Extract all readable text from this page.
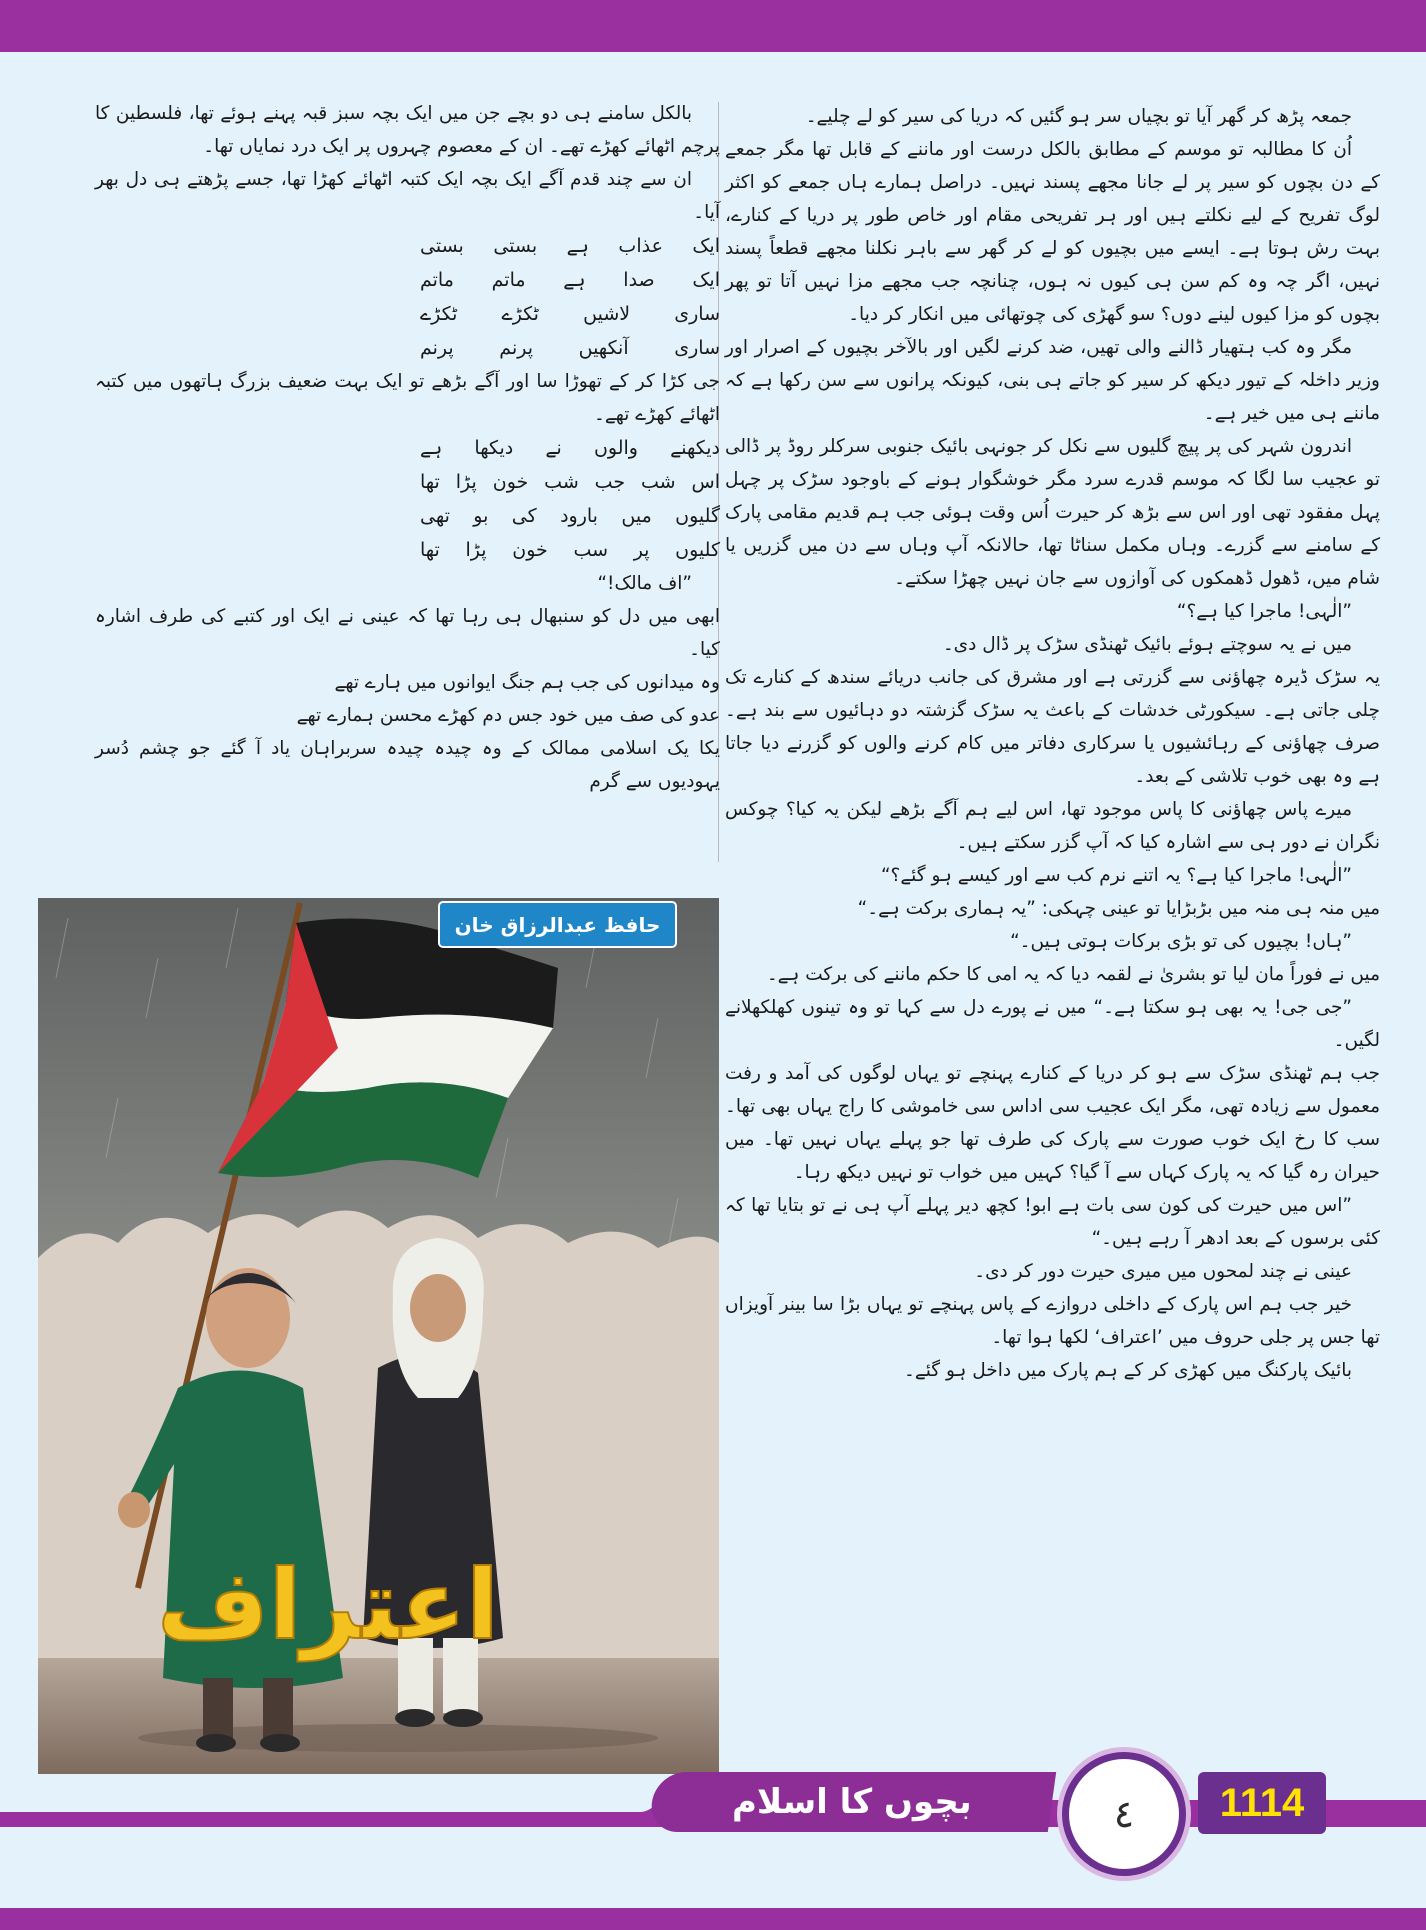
جمعہ پڑھ کر گھر آیا تو بچیاں سر ہو گئیں کہ دریا کی سیر کو لے چلیے۔

اُن کا مطالبہ تو موسم کے مطابق بالکل درست اور ماننے کے قابل تھا مگر جمعے کے دن بچوں کو سیر پر لے جانا مجھے پسند نہیں۔ دراصل ہمارے ہاں جمعے کو اکثر لوگ تفریح کے لیے نکلتے ہیں اور ہر تفریحی مقام اور خاص طور پر دریا کے کنارے، بہت رش ہوتا ہے۔ ایسے میں بچیوں کو لے کر گھر سے باہر نکلنا مجھے قطعاً پسند نہیں، اگر چہ وہ کم سن ہی کیوں نہ ہوں، چنانچہ جب مجھے مزا نہیں آتا تو پھر بچوں کو مزا کیوں لینے دوں؟ سو گھڑی کی چوتھائی میں انکار کر دیا۔

مگر وہ کب ہتھیار ڈالنے والی تھیں، ضد کرنے لگیں اور بالآخر بچیوں کے اصرار اور وزیر داخلہ کے تیور دیکھ کر سیر کو جاتے ہی بنی، کیونکہ پرانوں سے سن رکھا ہے کہ ماننے ہی میں خیر ہے۔

اندرون شہر کی پر پیچ گلیوں سے نکل کر جونہی بائیک جنوبی سرکلر روڈ پر ڈالی تو عجیب سا لگا کہ موسم قدرے سرد مگر خوشگوار ہونے کے باوجود سڑک پر چہل پہل مفقود تھی اور اس سے بڑھ کر حیرت اُس وقت ہوئی جب ہم قدیم مقامی پارک کے سامنے سے گزرے۔ وہاں مکمل سناٹا تھا، حالانکہ آپ وہاں سے دن میں گزریں یا شام میں، ڈھول ڈھمکوں کی آوازوں سے جان نہیں چھڑا سکتے۔

”الٰہی! ماجرا کیا ہے؟“

میں نے یہ سوچتے ہوئے بائیک ٹھنڈی سڑک پر ڈال دی۔

یہ سڑک ڈیرہ چھاؤنی سے گزرتی ہے اور مشرق کی جانب دریائے سندھ کے کنارے تک چلی جاتی ہے۔ سیکورٹی خدشات کے باعث یہ سڑک گزشتہ دو دہائیوں سے بند ہے۔ صرف چھاؤنی کے رہائشیوں یا سرکاری دفاتر میں کام کرنے والوں کو گزرنے دیا جاتا ہے وہ بھی خوب تلاشی کے بعد۔

میرے پاس چھاؤنی کا پاس موجود تھا، اس لیے ہم آگے بڑھے لیکن یہ کیا؟ چوکس نگران نے دور ہی سے اشارہ کیا کہ آپ گزر سکتے ہیں۔

”الٰہی! ماجرا کیا ہے؟ یہ اتنے نرم کب سے اور کیسے ہو گئے؟“

میں منہ ہی منہ میں بڑبڑایا تو عینی چہکی: ”یہ ہماری برکت ہے۔“

”ہاں! بچیوں کی تو بڑی برکات ہوتی ہیں۔“

میں نے فوراً مان لیا تو بشریٰ نے لقمہ دیا کہ یہ امی کا حکم ماننے کی برکت ہے۔

”جی جی! یہ بھی ہو سکتا ہے۔“ میں نے پورے دل سے کہا تو وہ تینوں کھلکھلانے لگیں۔

جب ہم ٹھنڈی سڑک سے ہو کر دریا کے کنارے پہنچے تو یہاں لوگوں کی آمد و رفت معمول سے زیادہ تھی، مگر ایک عجیب سی اداس سی خاموشی کا راج یہاں بھی تھا۔ سب کا رخ ایک خوب صورت سے پارک کی طرف تھا جو پہلے یہاں نہیں تھا۔ میں حیران رہ گیا کہ یہ پارک کہاں سے آ گیا؟ کہیں میں خواب تو نہیں دیکھ رہا۔

”اس میں حیرت کی کون سی بات ہے ابو! کچھ دیر پہلے آپ ہی نے تو بتایا تھا کہ کئی برسوں کے بعد ادھر آ رہے ہیں۔“

عینی نے چند لمحوں میں میری حیرت دور کر دی۔

خیر جب ہم اس پارک کے داخلی دروازے کے پاس پہنچے تو یہاں بڑا سا بینر آویزاں تھا جس پر جلی حروف میں ’اعتراف‘ لکھا ہوا تھا۔

بائیک پارکنگ میں کھڑی کر کے ہم پارک میں داخل ہو گئے۔

بالکل سامنے ہی دو بچے جن میں ایک بچہ سبز قبہ پہنے ہوئے تھا، فلسطین کا پرچم اٹھائے کھڑے تھے۔ ان کے معصوم چہروں پر ایک درد نمایاں تھا۔

ان سے چند قدم آگے ایک بچہ ایک کتبہ اٹھائے کھڑا تھا، جسے پڑھتے ہی دل بھر آیا۔

ایک عذاب ہے بستی بستی

ایک صدا ہے ماتم ماتم

ساری لاشیں ٹکڑے ٹکڑے

ساری آنکھیں پرنم پرنم

جی کڑا کر کے تھوڑا سا اور آگے بڑھے تو ایک بہت ضعیف بزرگ ہاتھوں میں کتبہ اٹھائے کھڑے تھے۔

دیکھنے والوں نے دیکھا ہے

اس شب جب شب خون پڑا تھا

گلیوں میں بارود کی بو تھی

کلیوں پر سب خون پڑا تھا

”اف مالک!“

ابھی میں دل کو سنبھال ہی رہا تھا کہ عینی نے ایک اور کتبے کی طرف اشارہ کیا۔

وہ میدانوں کی جب ہم جنگ ایوانوں میں ہارے تھے

عدو کی صف میں خود جس دم کھڑے محسن ہمارے تھے

یکا یک اسلامی ممالک کے وہ چیدہ چیدہ سربراہان یاد آ گئے جو چشم دُسر یہودیوں سے گرم

اعتراف
حافظ عبدالرزاق خان
بچوں کا اسلام	٤ 1114
